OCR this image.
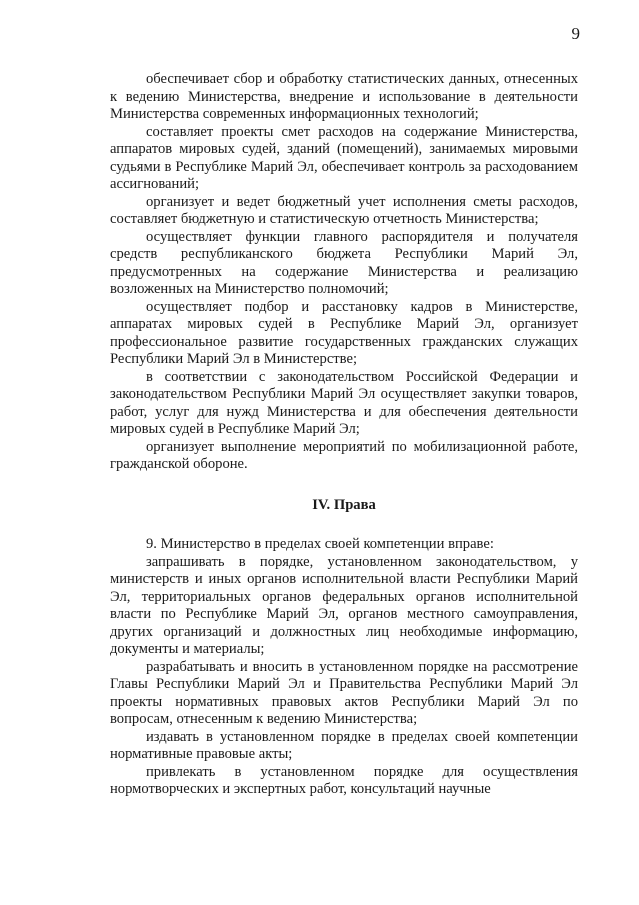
9

обеспечивает сбор и обработку статистических данных, отнесенных к ведению Министерства, внедрение и использование в деятельности Министерства современных информационных технологий;

составляет проекты смет расходов на содержание Министерства, аппаратов мировых судей, зданий (помещений), занимаемых мировыми судьями в Республике Марий Эл, обеспечивает контроль за расходованием ассигнований;

организует и ведет бюджетный учет исполнения сметы расходов, составляет бюджетную и статистическую отчетность Министерства;

осуществляет функции главного распорядителя и получателя средств республиканского бюджета Республики Марий Эл, предусмотренных на содержание Министерства и реализацию возложенных на Министерство полномочий;

осуществляет подбор и расстановку кадров в Министерстве, аппаратах мировых судей в Республике Марий Эл, организует профессиональное развитие государственных гражданских служащих Республики Марий Эл в Министерстве;

в соответствии с законодательством Российской Федерации и законодательством Республики Марий Эл осуществляет закупки товаров, работ, услуг для нужд Министерства и для обеспечения деятельности мировых судей в Республике Марий Эл;

организует выполнение мероприятий по мобилизационной работе, гражданской обороне.

IV. Права

9. Министерство в пределах своей компетенции вправе:

запрашивать в порядке, установленном законодательством, у министерств и иных органов исполнительной власти Республики Марий Эл, территориальных органов федеральных органов исполнительной власти по Республике Марий Эл, органов местного самоуправления, других организаций и должностных лиц необходимые информацию, документы и материалы;

разрабатывать и вносить в установленном порядке на рассмотрение Главы Республики Марий Эл и Правительства Республики Марий Эл проекты нормативных правовых актов Республики Марий Эл по вопросам, отнесенным к ведению Министерства;

издавать в установленном порядке в пределах своей компетенции нормативные правовые акты;

привлекать в установленном порядке для осуществления нормотворческих и экспертных работ, консультаций научные
